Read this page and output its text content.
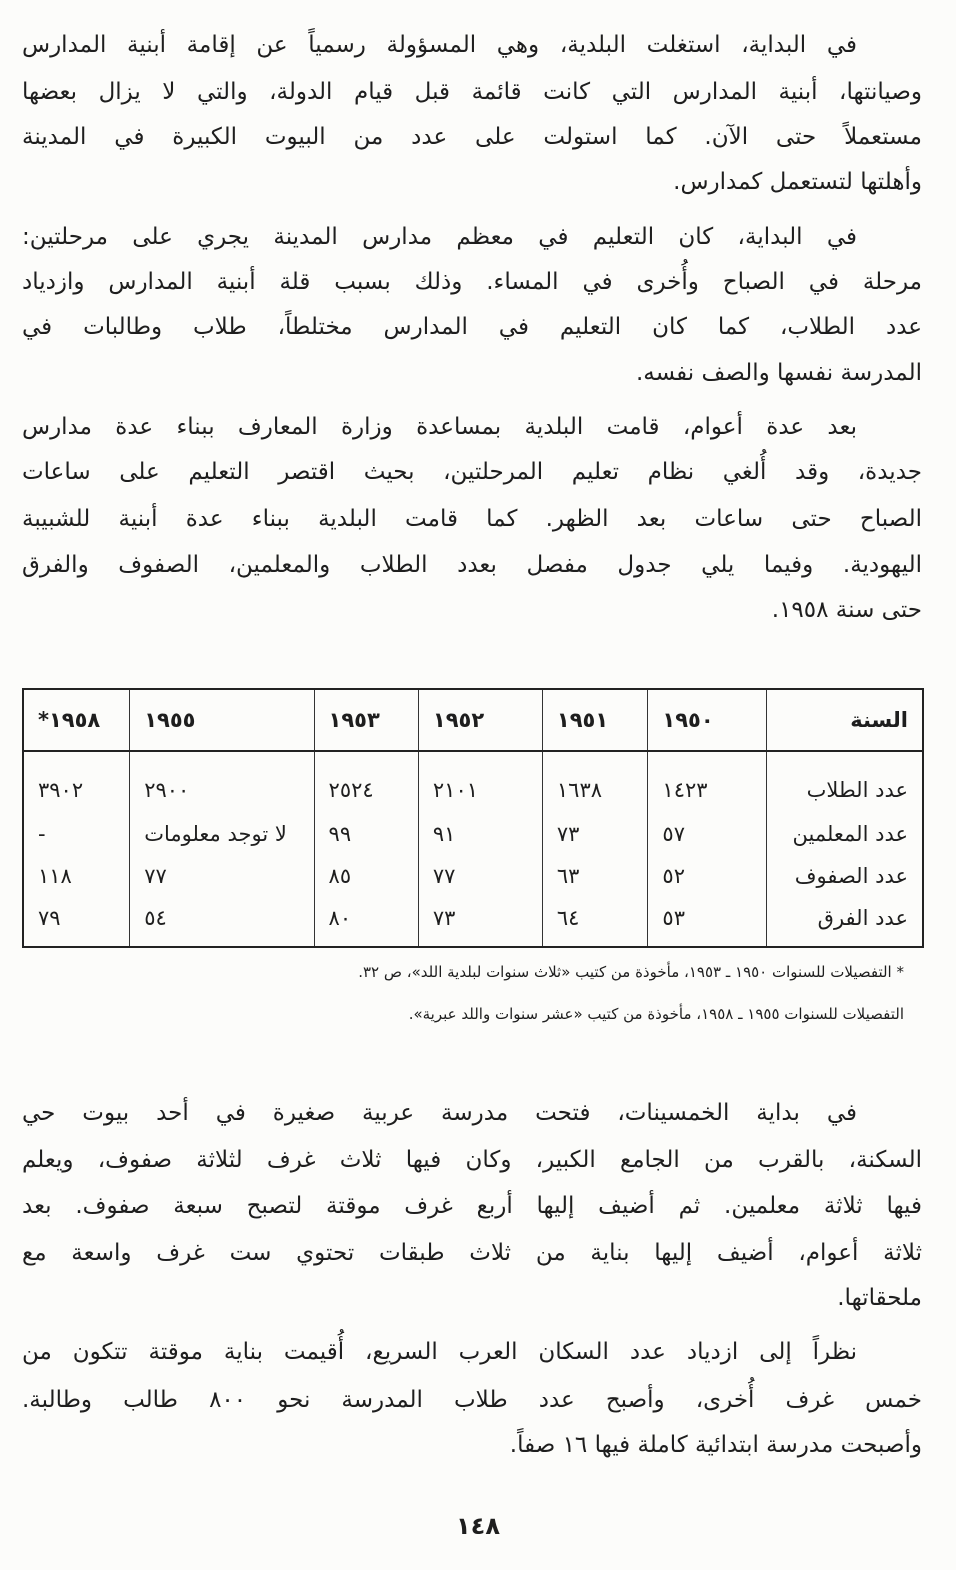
في البداية، استغلت البلدية، وهي المسؤولة رسمياً عن إقامة أبنية المدارس
وصيانتها، أبنية المدارس التي كانت قائمة قبل قيام الدولة، والتي لا يزال بعضها
مستعملاً حتى الآن. كما استولت على عدد من البيوت الكبيرة في المدينة
وأهلتها لتستعمل كمدارس.
في البداية، كان التعليم في معظم مدارس المدينة يجري على مرحلتين:
مرحلة في الصباح وأُخرى في المساء. وذلك بسبب قلة أبنية المدارس وازدياد
عدد الطلاب، كما كان التعليم في المدارس مختلطاً، طلاب وطالبات في
المدرسة نفسها والصف نفسه.
بعد عدة أعوام، قامت البلدية بمساعدة وزارة المعارف ببناء عدة مدارس
جديدة، وقد أُلغي نظام تعليم المرحلتين، بحيث اقتصر التعليم على ساعات
الصباح حتى ساعات بعد الظهر. كما قامت البلدية ببناء عدة أبنية للشبيبة
اليهودية. وفيما يلي جدول مفصل بعدد الطلاب والمعلمين، الصفوف والفرق
حتى سنة ١٩٥٨.
في بداية الخمسينات، فتحت مدرسة عربية صغيرة في أحد بيوت حي
السكنة، بالقرب من الجامع الكبير، وكان فيها ثلاث غرف لثلاثة صفوف، ويعلم
فيها ثلاثة معلمين. ثم أضيف إليها أربع غرف موقتة لتصبح سبعة صفوف. بعد
ثلاثة أعوام، أضيف إليها بناية من ثلاث طبقات تحتوي ست غرف واسعة مع
ملحقاتها.
نظراً إلى ازدياد عدد السكان العرب السريع، أُقيمت بناية موقتة تتكون من
خمس غرف أُخرى، وأصبح عدد طلاب المدرسة نحو ٨٠٠ طالب وطالبة.
وأصبحت مدرسة ابتدائية كاملة فيها ١٦ صفاً.
السنة	١٩٥٠	١٩٥١	١٩٥٢	١٩٥٣	١٩٥٥	١٩٥٨*
عدد الطلاب	١٤٢٣	١٦٣٨	٢١٠١	٢٥٢٤	٢٩٠٠	٣٩٠٢
عدد المعلمين	٥٧	٧٣	٩١	٩٩	لا توجد معلومات	-
عدد الصفوف	٥٢	٦٣	٧٧	٨٥	٧٧	١١٨
عدد الفرق	٥٣	٦٤	٧٣	٨٠	٥٤	٧٩
* التفصيلات للسنوات ١٩٥٠ ـ ١٩٥٣، مأخوذة من كتيب «ثلاث سنوات لبلدية اللد»، ص ٣٢.
التفصيلات للسنوات ١٩٥٥ ـ ١٩٥٨، مأخوذة من كتيب «عشر سنوات واللد عبرية».
١٤٨
